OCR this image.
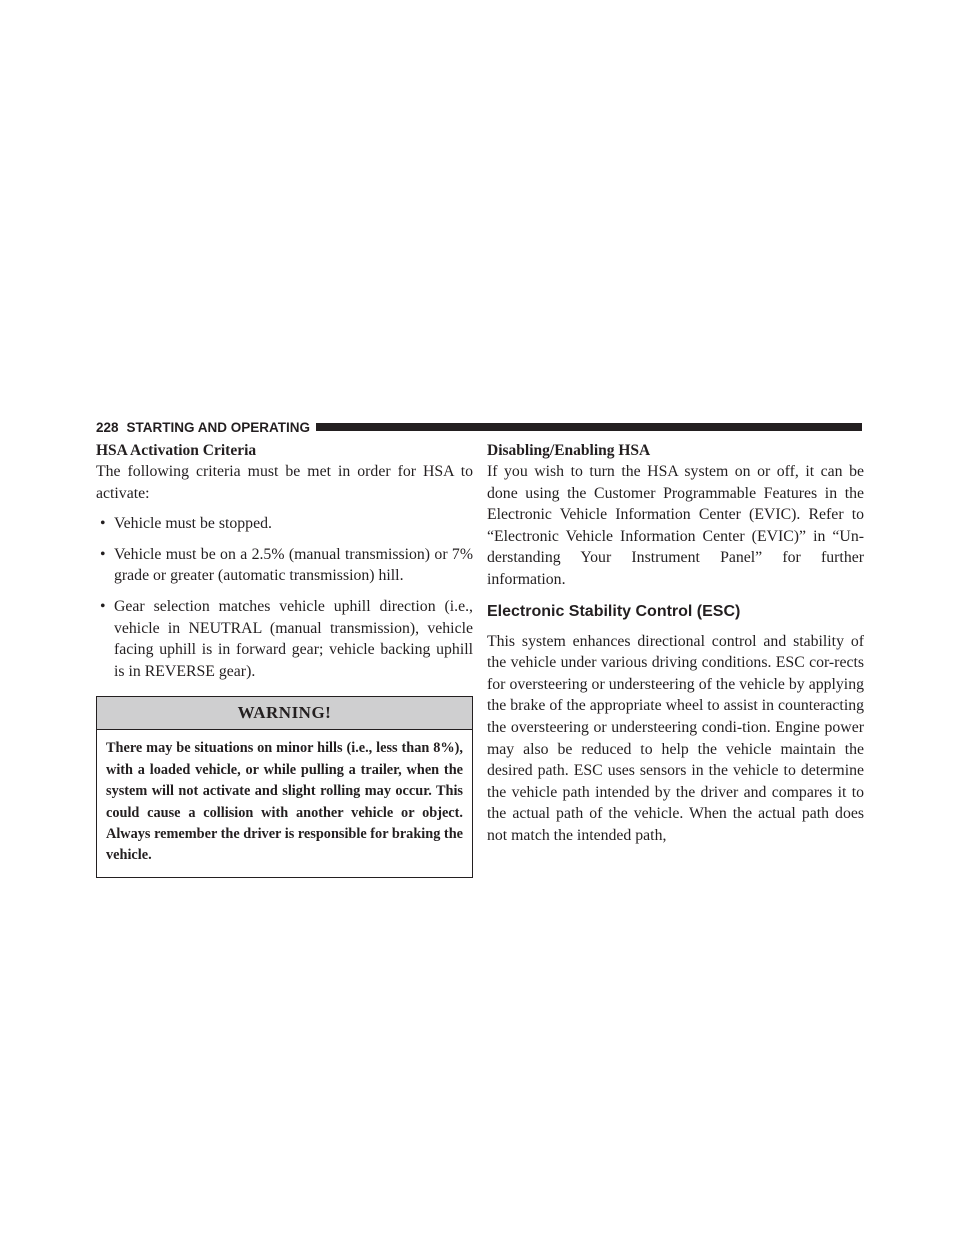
228 STARTING AND OPERATING
HSA Activation Criteria

The following criteria must be met in order for HSA to activate:

• Vehicle must be stopped.
• Vehicle must be on a 2.5% (manual transmission) or 7% grade or greater (automatic transmission) hill.
• Gear selection matches vehicle uphill direction (i.e., vehicle in NEUTRAL (manual transmission), vehicle facing uphill is in forward gear; vehicle backing uphill is in REVERSE gear).
WARNING!
There may be situations on minor hills (i.e., less than 8%), with a loaded vehicle, or while pulling a trailer, when the system will not activate and slight rolling may occur. This could cause a collision with another vehicle or object. Always remember the driver is responsible for braking the vehicle.
Disabling/Enabling HSA

If you wish to turn the HSA system on or off, it can be done using the Customer Programmable Features in the Electronic Vehicle Information Center (EVIC). Refer to “Electronic Vehicle Information Center (EVIC)” in “Un-derstanding Your Instrument Panel” for further information.

Electronic Stability Control (ESC)

This system enhances directional control and stability of the vehicle under various driving conditions. ESC cor-rects for oversteering or understeering of the vehicle by applying the brake of the appropriate wheel to assist in counteracting the oversteering or understeering condi-tion. Engine power may also be reduced to help the vehicle maintain the desired path. ESC uses sensors in the vehicle to determine the vehicle path intended by the driver and compares it to the actual path of the vehicle. When the actual path does not match the intended path,
